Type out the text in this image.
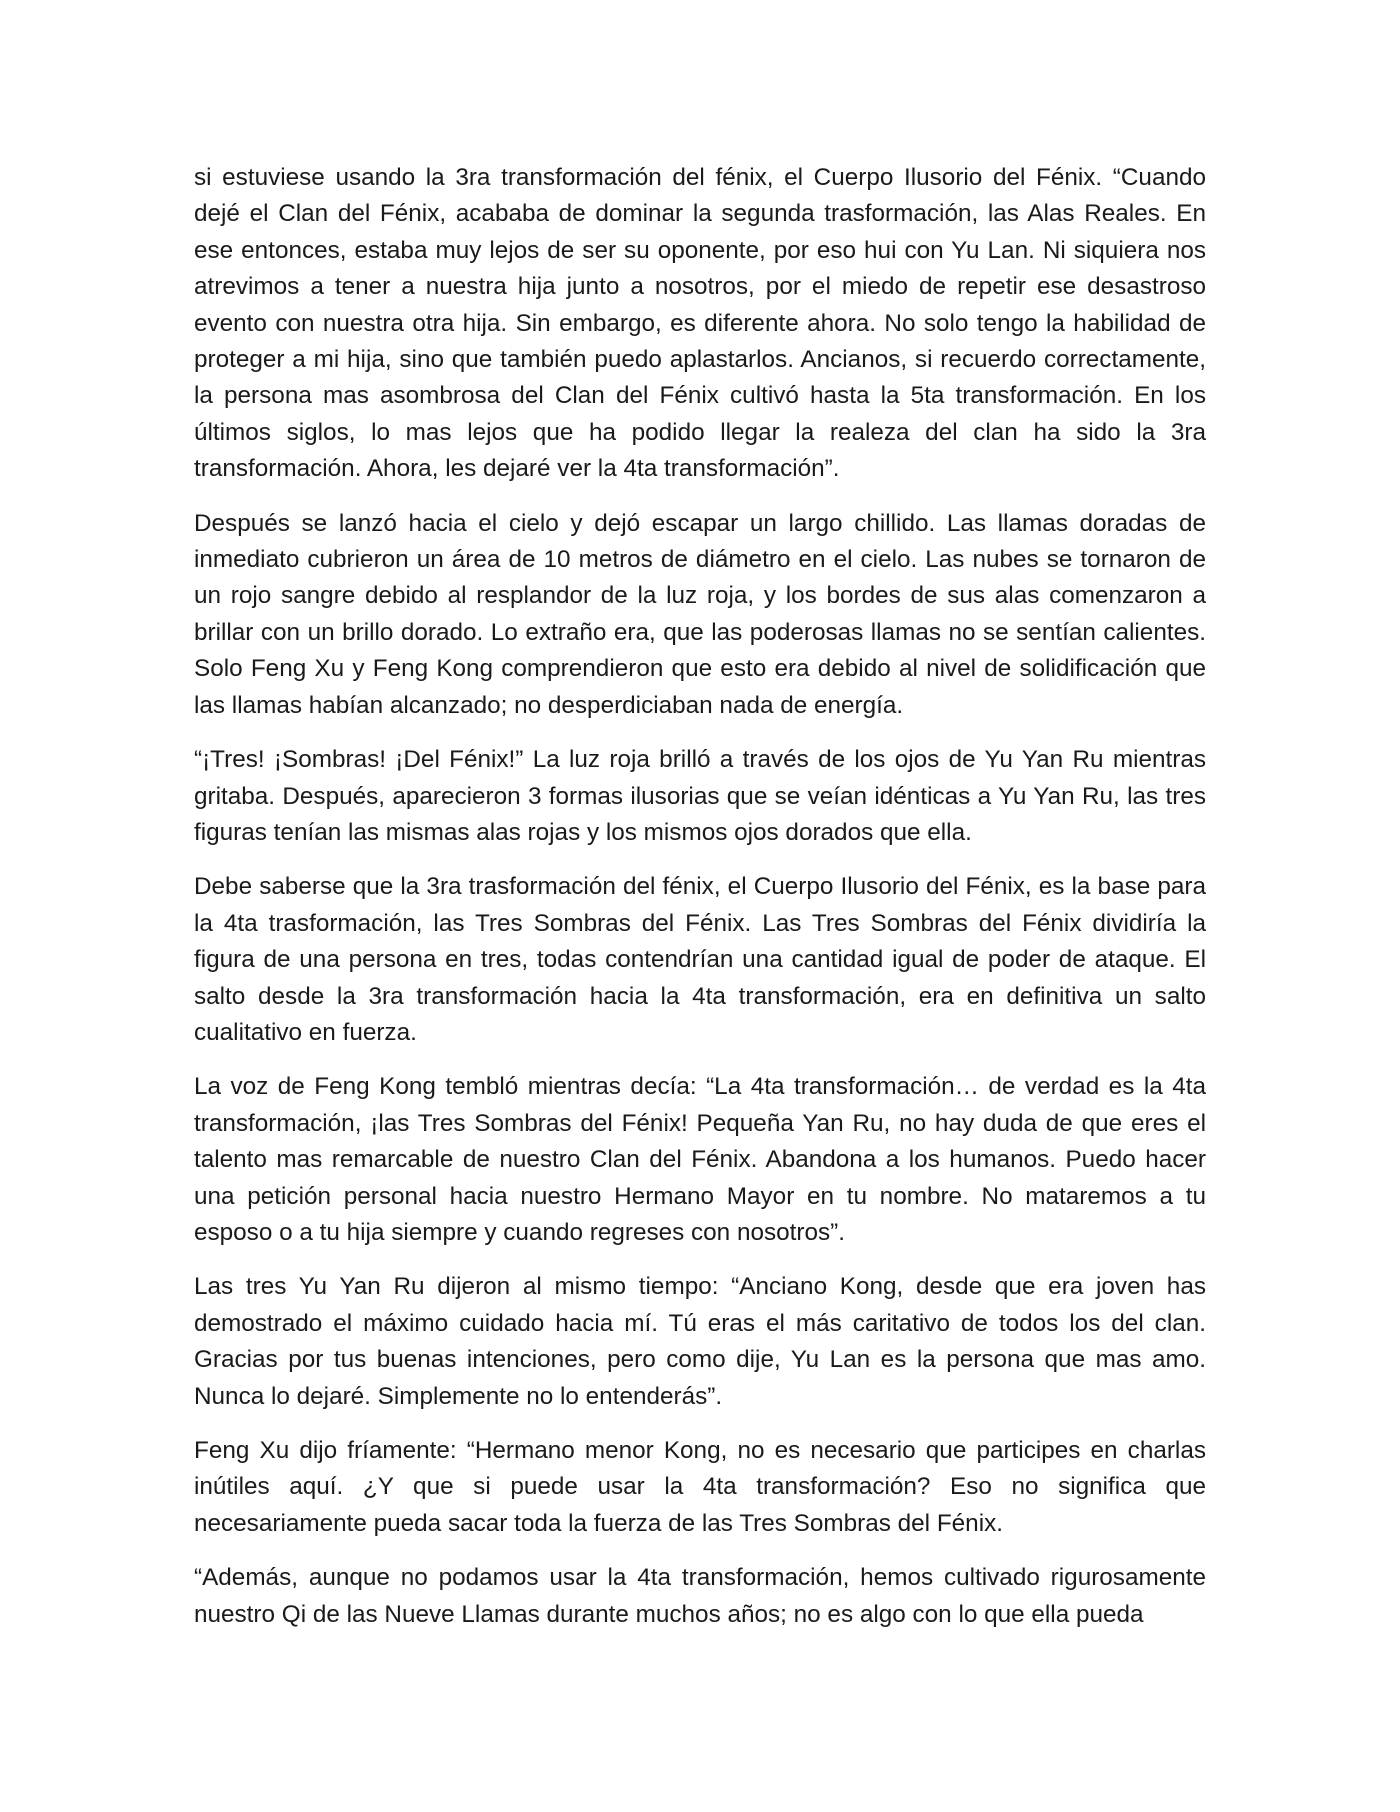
si estuviese usando la 3ra transformación del fénix, el Cuerpo Ilusorio del Fénix. “Cuando dejé el Clan del Fénix, acababa de dominar la segunda trasformación, las Alas Reales. En ese entonces, estaba muy lejos de ser su oponente, por eso hui con Yu Lan. Ni siquiera nos atrevimos a tener a nuestra hija junto a nosotros, por el miedo de repetir ese desastroso evento con nuestra otra hija. Sin embargo, es diferente ahora. No solo tengo la habilidad de proteger a mi hija, sino que también puedo aplastarlos. Ancianos, si recuerdo correctamente, la persona mas asombrosa del Clan del Fénix cultivó hasta la 5ta transformación. En los últimos siglos, lo mas lejos que ha podido llegar la realeza del clan ha sido la 3ra transformación. Ahora, les dejaré ver la 4ta transformación”.

Después se lanzó hacia el cielo y dejó escapar un largo chillido. Las llamas doradas de inmediato cubrieron un área de 10 metros de diámetro en el cielo. Las nubes se tornaron de un rojo sangre debido al resplandor de la luz roja, y los bordes de sus alas comenzaron a brillar con un brillo dorado. Lo extraño era, que las poderosas llamas no se sentían calientes. Solo Feng Xu y Feng Kong comprendieron que esto era debido al nivel de solidificación que las llamas habían alcanzado; no desperdiciaban nada de energía.

“¡Tres! ¡Sombras! ¡Del Fénix!” La luz roja brilló a través de los ojos de Yu Yan Ru mientras gritaba. Después, aparecieron 3 formas ilusorias que se veían idénticas a Yu Yan Ru, las tres figuras tenían las mismas alas rojas y los mismos ojos dorados que ella.

Debe saberse que la 3ra trasformación del fénix, el Cuerpo Ilusorio del Fénix, es la base para la 4ta trasformación, las Tres Sombras del Fénix. Las Tres Sombras del Fénix dividiría la figura de una persona en tres, todas contendrían una cantidad igual de poder de ataque. El salto desde la 3ra transformación hacia la 4ta transformación, era en definitiva un salto cualitativo en fuerza.

La voz de Feng Kong tembló mientras decía: “La 4ta transformación… de verdad es la 4ta transformación, ¡las Tres Sombras del Fénix! Pequeña Yan Ru, no hay duda de que eres el talento mas remarcable de nuestro Clan del Fénix. Abandona a los humanos. Puedo hacer una petición personal hacia nuestro Hermano Mayor en tu nombre. No mataremos a tu esposo o a tu hija siempre y cuando regreses con nosotros”.

Las tres Yu Yan Ru dijeron al mismo tiempo: “Anciano Kong, desde que era joven has demostrado el máximo cuidado hacia mí. Tú eras el más caritativo de todos los del clan. Gracias por tus buenas intenciones, pero como dije, Yu Lan es la persona que mas amo. Nunca lo dejaré. Simplemente no lo entenderás”.

Feng Xu dijo fríamente: “Hermano menor Kong, no es necesario que participes en charlas inútiles aquí. ¿Y que si puede usar la 4ta transformación? Eso no significa que necesariamente pueda sacar toda la fuerza de las Tres Sombras del Fénix.

“Además, aunque no podamos usar la 4ta transformación, hemos cultivado rigurosamente nuestro Qi de las Nueve Llamas durante muchos años; no es algo con lo que ella pueda
